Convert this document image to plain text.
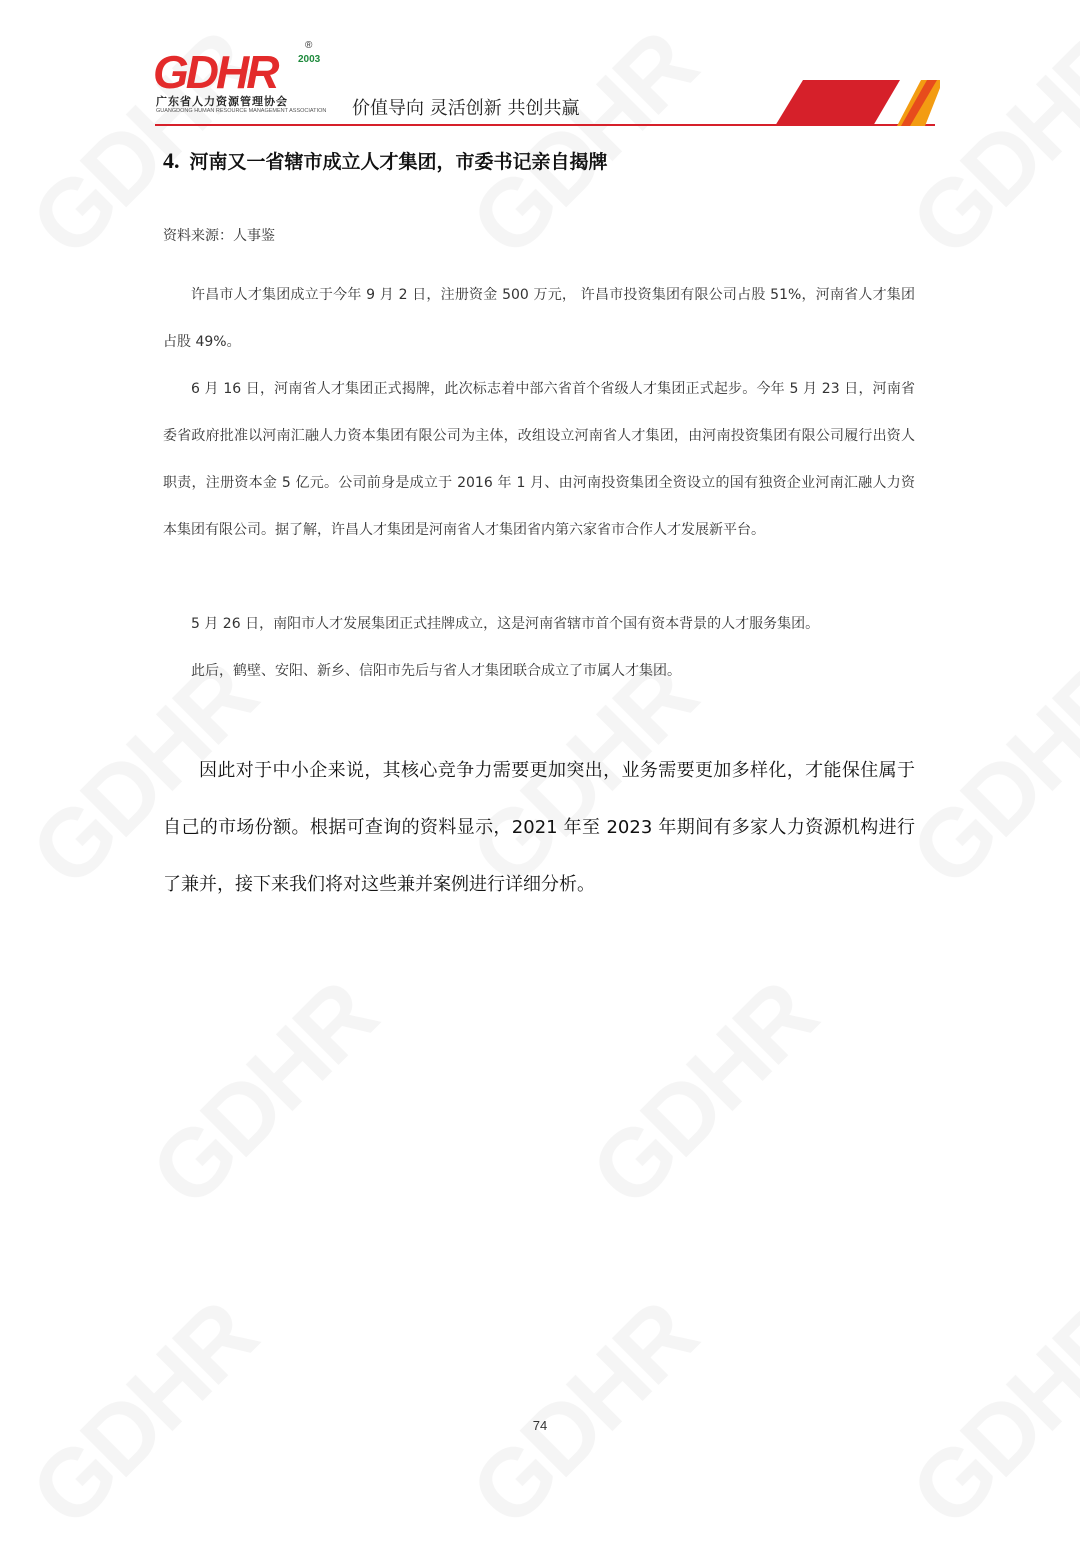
GDHR
®
2003
广东省人力资源管理协会
GUANGDONG HUMAN RESOURCE MANAGEMENT ASSOCIATION 价值导向 灵活创新 共创共赢
4. 河南又一省辖市成立人才集团，市委书记亲自揭牌
资料来源：人事鉴

许昌市人才集团成立于今年 9 月 2 日，注册资金 500 万元， 许昌市投资集团有限公司占股 51%，河南省人才集团占股 49%。

6 月 16 日，河南省人才集团正式揭牌，此次标志着中部六省首个省级人才集团正式起步。今年 5 月 23 日，河南省委省政府批准以河南汇融人力资本集团有限公司为主体，改组设立河南省人才集团，由河南投资集团有限公司履行出资人职责，注册资本金 5 亿元。公司前身是成立于 2016 年 1 月、由河南投资集团全资设立的国有独资企业河南汇融人力资本集团有限公司。据了解，许昌人才集团是河南省人才集团省内第六家省市合作人才发展新平台。

5 月 26 日，南阳市人才发展集团正式挂牌成立，这是河南省辖市首个国有资本背景的人才服务集团。

此后，鹤壁、安阳、新乡、信阳市先后与省人才集团联合成立了市属人才集团。

因此对于中小企来说，其核心竞争力需要更加突出，业务需要更加多样化，才能保住属于自己的市场份额。根据可查询的资料显示，2021 年至 2023 年期间有多家人力资源机构进行了兼并，接下来我们将对这些兼并案例进行详细分析。

74
